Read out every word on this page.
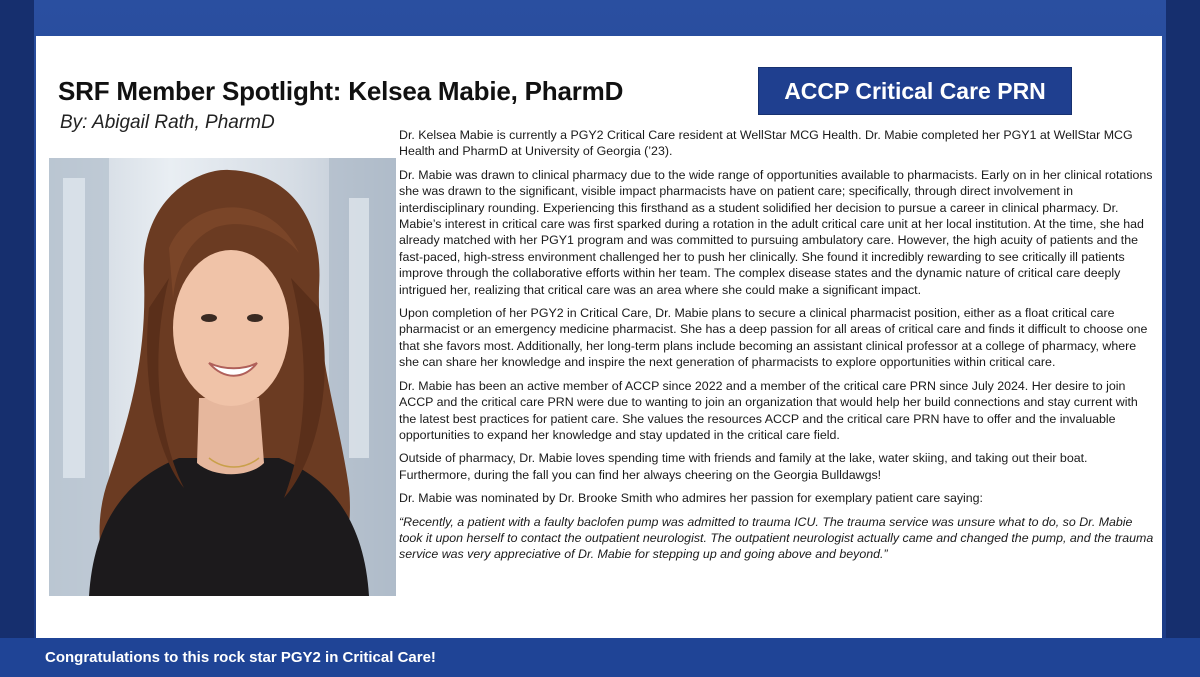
SRF Member Spotlight: Kelsea Mabie, PharmD
By: Abigail Rath, PharmD
ACCP Critical Care PRN

Dr. Kelsea Mabie is currently a PGY2 Critical Care resident at WellStar MCG Health. Dr. Mabie completed her PGY1 at WellStar MCG Health and PharmD at University of Georgia (’23).

Dr. Mabie was drawn to clinical pharmacy due to the wide range of opportunities available to pharmacists. Early on in her clinical rotations she was drawn to the significant, visible impact pharmacists have on patient care; specifically, through direct involvement in interdisciplinary rounding. Experiencing this firsthand as a student solidified her decision to pursue a career in clinical pharmacy. Dr. Mabie’s interest in critical care was first sparked during a rotation in the adult critical care unit at her local institution. At the time, she had already matched with her PGY1 program and was committed to pursuing ambulatory care. However, the high acuity of patients and the fast-paced, high-stress environment challenged her to push her clinically. She found it incredibly rewarding to see critically ill patients improve through the collaborative efforts within her team. The complex disease states and the dynamic nature of critical care deeply intrigued her, realizing that critical care was an area where she could make a significant impact.

Upon completion of her PGY2 in Critical Care, Dr. Mabie plans to secure a clinical pharmacist position, either as a float critical care pharmacist or an emergency medicine pharmacist. She has a deep passion for all areas of critical care and finds it difficult to choose one that she favors most. Additionally, her long-term plans include becoming an assistant clinical professor at a college of pharmacy, where she can share her knowledge and inspire the next generation of pharmacists to explore opportunities within critical care.

Dr. Mabie has been an active member of ACCP since 2022 and a member of the critical care PRN since July 2024. Her desire to join ACCP and the critical care PRN were due to wanting to join an organization that would help her build connections and stay current with the latest best practices for patient care. She values the resources ACCP and the critical care PRN have to offer and the invaluable opportunities to expand her knowledge and stay updated in the critical care field.

Outside of pharmacy, Dr. Mabie loves spending time with friends and family at the lake, water skiing, and taking out their boat. Furthermore, during the fall you can find her always cheering on the Georgia Bulldawgs!

Dr. Mabie was nominated by Dr. Brooke Smith who admires her passion for exemplary patient care saying:

“Recently, a patient with a faulty baclofen pump was admitted to trauma ICU. The trauma service was unsure what to do, so Dr. Mabie took it upon herself to contact the outpatient neurologist. The outpatient neurologist actually came and changed the pump, and the trauma service was very appreciative of Dr. Mabie for stepping up and going above and beyond.”

Congratulations to this rock star PGY2 in Critical Care!
